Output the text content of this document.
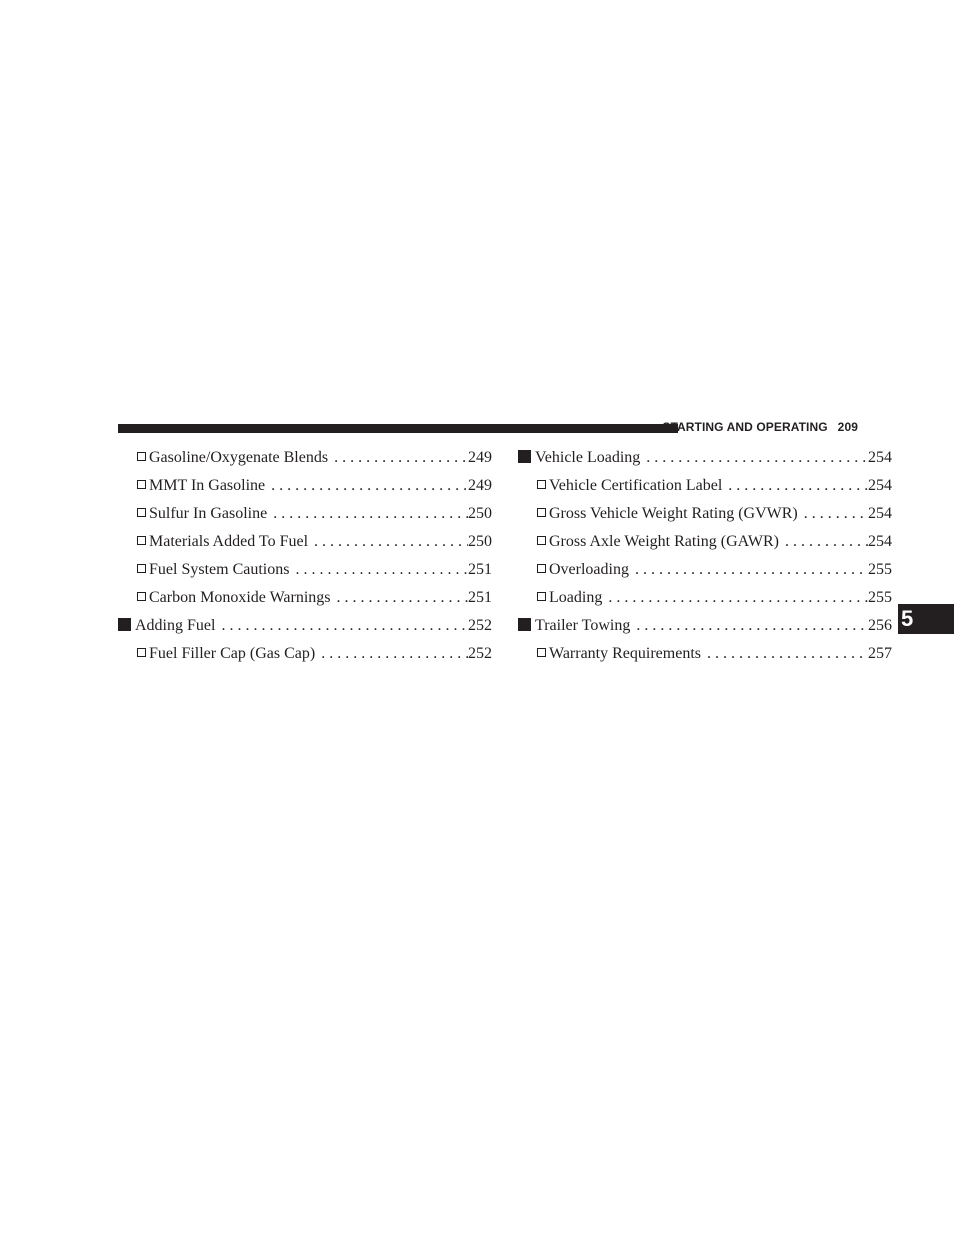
STARTING AND OPERATING 209
5
Gasoline/Oxygenate Blends . . .	249
MMT In Gasoline . . .	249
Sulfur In Gasoline . . .	250
Materials Added To Fuel . . .	250
Fuel System Cautions . . .	251
Carbon Monoxide Warnings . . .	251
Adding Fuel . . .	252
Fuel Filler Cap (Gas Cap) . . .	252
Vehicle Loading . . .	254
Vehicle Certification Label . . .	254
Gross Vehicle Weight Rating (GVWR) . . .	254
Gross Axle Weight Rating (GAWR) . . .	254
Overloading . . .	255
Loading . . .	255
Trailer Towing . . .	256
Warranty Requirements . . .	257
